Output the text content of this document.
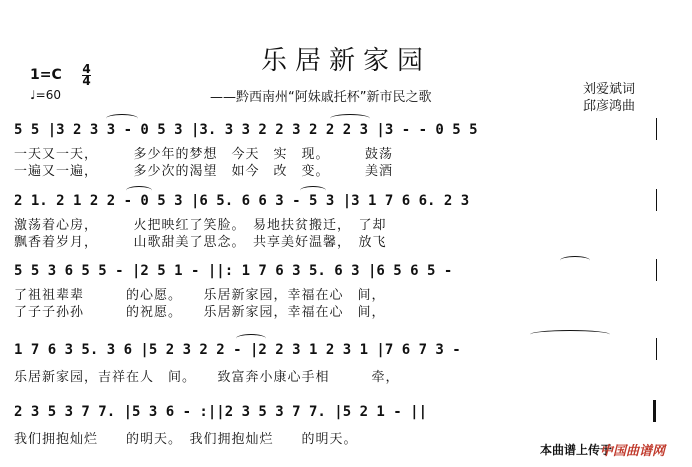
乐居新家园
1=C 4
4
♩=60	——黔西南州“阿妹戚托杯”新市民之歌
刘爱斌词
邱彦鸿曲
5 5 |3 2 3 3 - 0 5 3 |3. 3 3 2 2 3 2 2 2 3 |3 - - 0 5 5
一天又一天，　　　多少年的梦想　今天　实　现。　　　鼓荡
一遍又一遍，　　　多少次的渴望　如今　改　变。　　　美酒
2 1. 2 1 2 2 - 0 5 3 |6 5. 6 6 3 - 5 3 |3 1 7 6 6. 2 3
激荡着心房，　　　火把映红了笑脸。　易地扶贫搬迁，　了却
飘香着岁月，　　　山歌甜美了思念。　共享美好温馨，　放飞
5 5 3 6 5 5 - |2 5 1 - ||: 1 7 6 3 5. 6 3 |6 5 6 5 -
了祖祖辈辈　　　的心愿。　　乐居新家园，幸福在心　间，
了子子孙孙　　　的祝愿。　　乐居新家园，幸福在心　间，
1 7 6 3 5. 3 6 |5 2 3 2 2 - |2 2 3 1 2 3 1 |7 6 7 3 -
乐居新家园，吉祥在人　间。　　致富奔小康心手相　　　牵，
2 3 5 3 7 7. |5 3 6 - :||2 3 5 3 7 7. |5 2 1 - ||
我们拥抱灿烂　　的明天。　我们拥抱灿烂　　的明天。
本曲谱上传于
中国曲谱网
